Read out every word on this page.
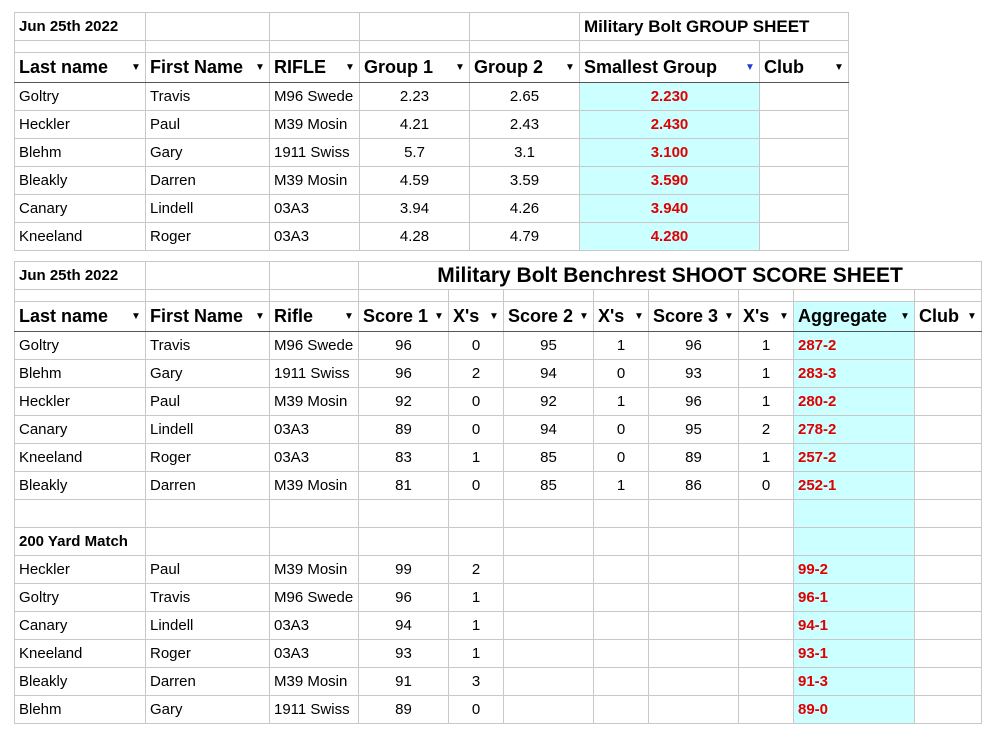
Jun 25th 2022					Military Bolt GROUP SHEET	

Last name ▼	First Name ▼	RIFLE ▼	Group 1 ▼	Group 2 ▼	Smallest Group ▼	Club ▼

Goltry	Travis	M96 Swede	2.23	2.65	2.230	
Heckler	Paul	M39 Mosin	4.21	2.43	2.430	
Blehm	Gary	1911 Swiss	5.7	3.1	3.100	
Bleakly	Darren	M39 Mosin	4.59	3.59	3.590	
Canary	Lindell	03A3	3.94	4.26	3.940	
Kneeland	Roger	03A3	4.28	4.79	4.280	
Jun 25th 2022			Military Bolt Benchrest SHOOT SCORE SHEET							

Last name ▼	First Name ▼	Rifle ▼	Score 1 ▼	X's ▼	Score 2 ▼	X's ▼	Score 3 ▼	X's ▼	Aggregate ▼	Club ▼

Goltry	Travis	M96 Swede	96	0	95	1	96	1	287-2	
Blehm	Gary	1911 Swiss	96	2	94	0	93	1	283-3	
Heckler	Paul	M39 Mosin	92	0	92	1	96	1	280-2	
Canary	Lindell	03A3	89	0	94	0	95	2	278-2	
Kneeland	Roger	03A3	83	1	85	0	89	1	257-2	
Bleakly	Darren	M39 Mosin	81	0	85	1	86	0	252-1	

200 Yard Match										
Heckler	Paul	M39 Mosin	99	2					99-2	
Goltry	Travis	M96 Swede	96	1					96-1	
Canary	Lindell	03A3	94	1					94-1	
Kneeland	Roger	03A3	93	1					93-1	
Bleakly	Darren	M39 Mosin	91	3					91-3	
Blehm	Gary	1911 Swiss	89	0					89-0	
